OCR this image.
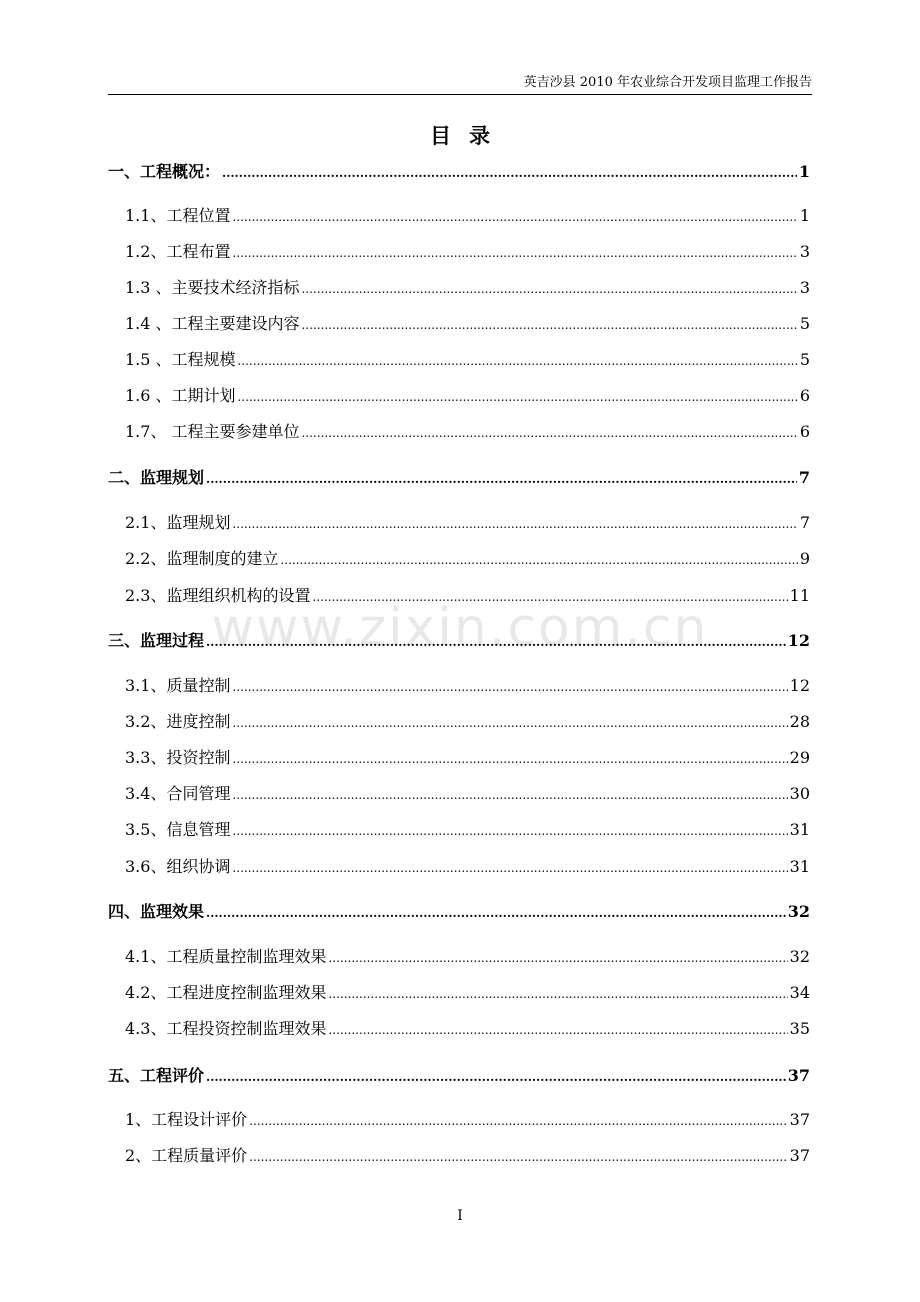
英吉沙县 2010 年农业综合开发项目监理工作报告
目录
www.zixin.com.cn
一、工程概况： .....	1
1.1、工程位置 .....	1
1.2、工程布置 .....	3
1.3 、主要技术经济指标 .....	3
1.4 、工程主要建设内容 .....	5
1.5 、工程规模 .....	5
1.6 、工期计划 .....	6
1.7、 工程主要参建单位 .....	6
二、监理规划 .....	7
2.1、监理规划 .....	7
2.2、监理制度的建立 .....	9
2.3、监理组织机构的设置 .....	11
三、监理过程 .....	12
3.1、质量控制 .....	12
3.2、进度控制 .....	28
3.3、投资控制 .....	29
3.4、合同管理 .....	30
3.5、信息管理 .....	31
3.6、组织协调 .....	31
四、监理效果 .....	32
4.1、工程质量控制监理效果 .....	32
4.2、工程进度控制监理效果 .....	34
4.3、工程投资控制监理效果 .....	35
五、工程评价 .....	37
1、工程设计评价 .....	37
2、工程质量评价 .....	37
I
